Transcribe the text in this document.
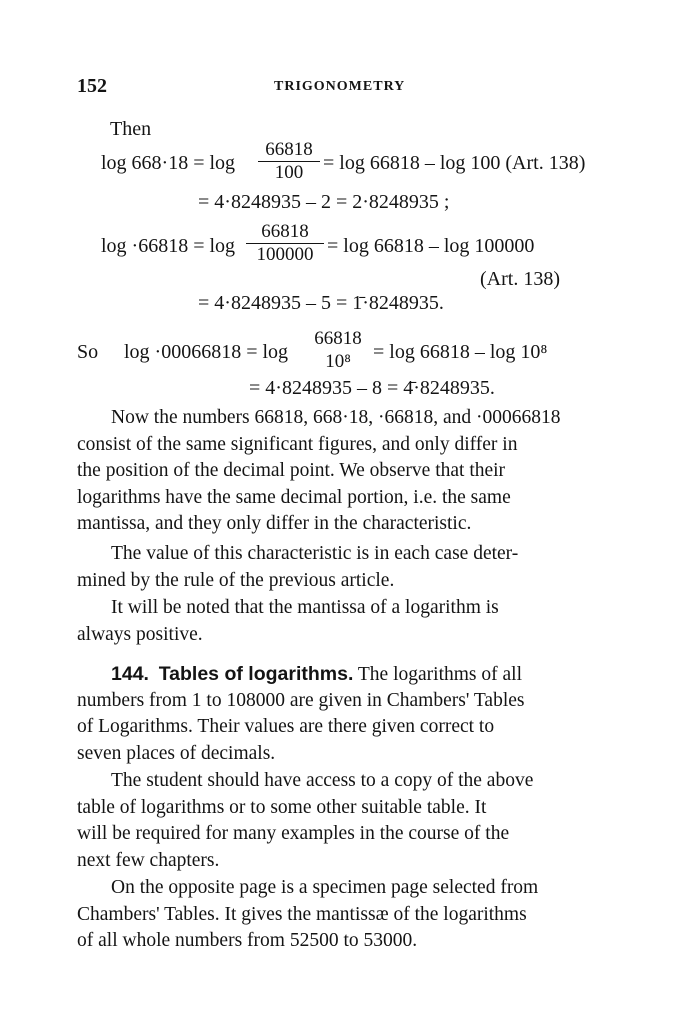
152	TRIGONOMETRY
Then
log 668·18 = log
66818
100 = log 66818 – log 100 (Art. 138)
= 4·8248935 – 2 = 2·8248935 ;
log ·66818 = log
66818
100000 = log 66818 – log 100000
(Art. 138)
= 4·8248935 – 5 = 1̄·8248935.
So log ·00066818 = log
66818
10⁸	= log 66818 – log 10⁸
= 4·8248935 – 8 = 4̄·8248935.
Now the numbers 66818, 668·18, ·66818, and ·00066818
consist of the same significant figures, and only differ in
the position of the decimal point. We observe that their
logarithms have the same decimal portion, i.e. the same
mantissa, and they only differ in the characteristic.
The value of this characteristic is in each case deter-
mined by the rule of the previous article.
It will be noted that the mantissa of a logarithm is
always positive.
144. Tables of logarithms. The logarithms of all
numbers from 1 to 108000 are given in Chambers' Tables
of Logarithms. Their values are there given correct to
seven places of decimals.
The student should have access to a copy of the above
table of logarithms or to some other suitable table. It
will be required for many examples in the course of the
next few chapters.
On the opposite page is a specimen page selected from
Chambers' Tables. It gives the mantissæ of the logarithms
of all whole numbers from 52500 to 53000.
